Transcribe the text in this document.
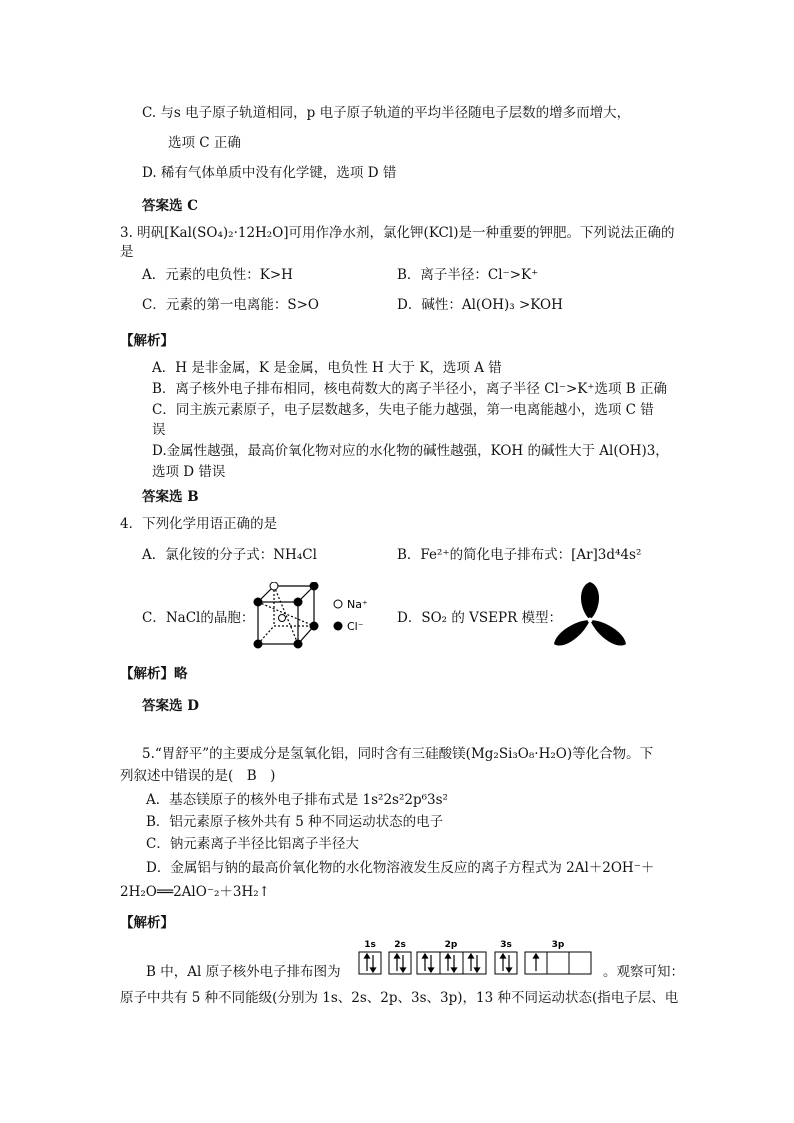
C. 与s 电子原子轨道相同，p 电子原子轨道的平均半径随电子层数的增多而增大，
选项 C 正确
D. 稀有气体单质中没有化学键，选项 D 错
答案选 C
3. 明矾[Kal(SO₄)₂·12H₂O]可用作净水剂，氯化钾(KCl)是一种重要的钾肥。下列说法正确的
是
A．元素的电负性：K>H	B．离子半径：Cl⁻>K⁺
C．元素的第一电离能：S>O	D．碱性：Al(OH)₃ >KOH
【解析】
A．H 是非金属，K 是金属，电负性 H 大于 K，选项 A 错
B．离子核外电子排布相同，核电荷数大的离子半径小，离子半径 Cl⁻>K⁺选项 B 正确
C．同主族元素原子，电子层数越多，失电子能力越强，第一电离能越小，选项 C 错
误
D.金属性越强，最高价氧化物对应的水化物的碱性越强，KOH 的碱性大于 Al(OH)3，
选项 D 错误
答案选 B
4．下列化学用语正确的是
A．氯化铵的分子式：NH₄Cl	B．Fe²⁺的简化电子排布式：[Ar]3d⁴4s²
C．NaCl的晶胞：	D．SO₂ 的 VSEPR 模型：
Na⁺
Cl⁻
【解析】略
答案选 D
5.“胃舒平”的主要成分是氢氧化铝，同时含有三硅酸镁(Mg₂Si₃O₈·H₂O)等化合物。下
列叙述中错误的是(　B　)
A．基态镁原子的核外电子排布式是 1s²2s²2p⁶3s²
B．铝元素原子核外共有 5 种不同运动状态的电子
C．钠元素离子半径比铝离子半径大
D．金属铝与钠的最高价氧化物的水化物溶液发生反应的离子方程式为 2Al＋2OH⁻＋
2H₂O══2AlO⁻₂＋3H₂↑
【解析】
B 中，Al 原子核外电子排布图为
1s 2s	2p	3s	3p
。观察可知：
原子中共有 5 种不同能级(分别为 1s、2s、2p、3s、3p)，13 种不同运动状态(指电子层、电
